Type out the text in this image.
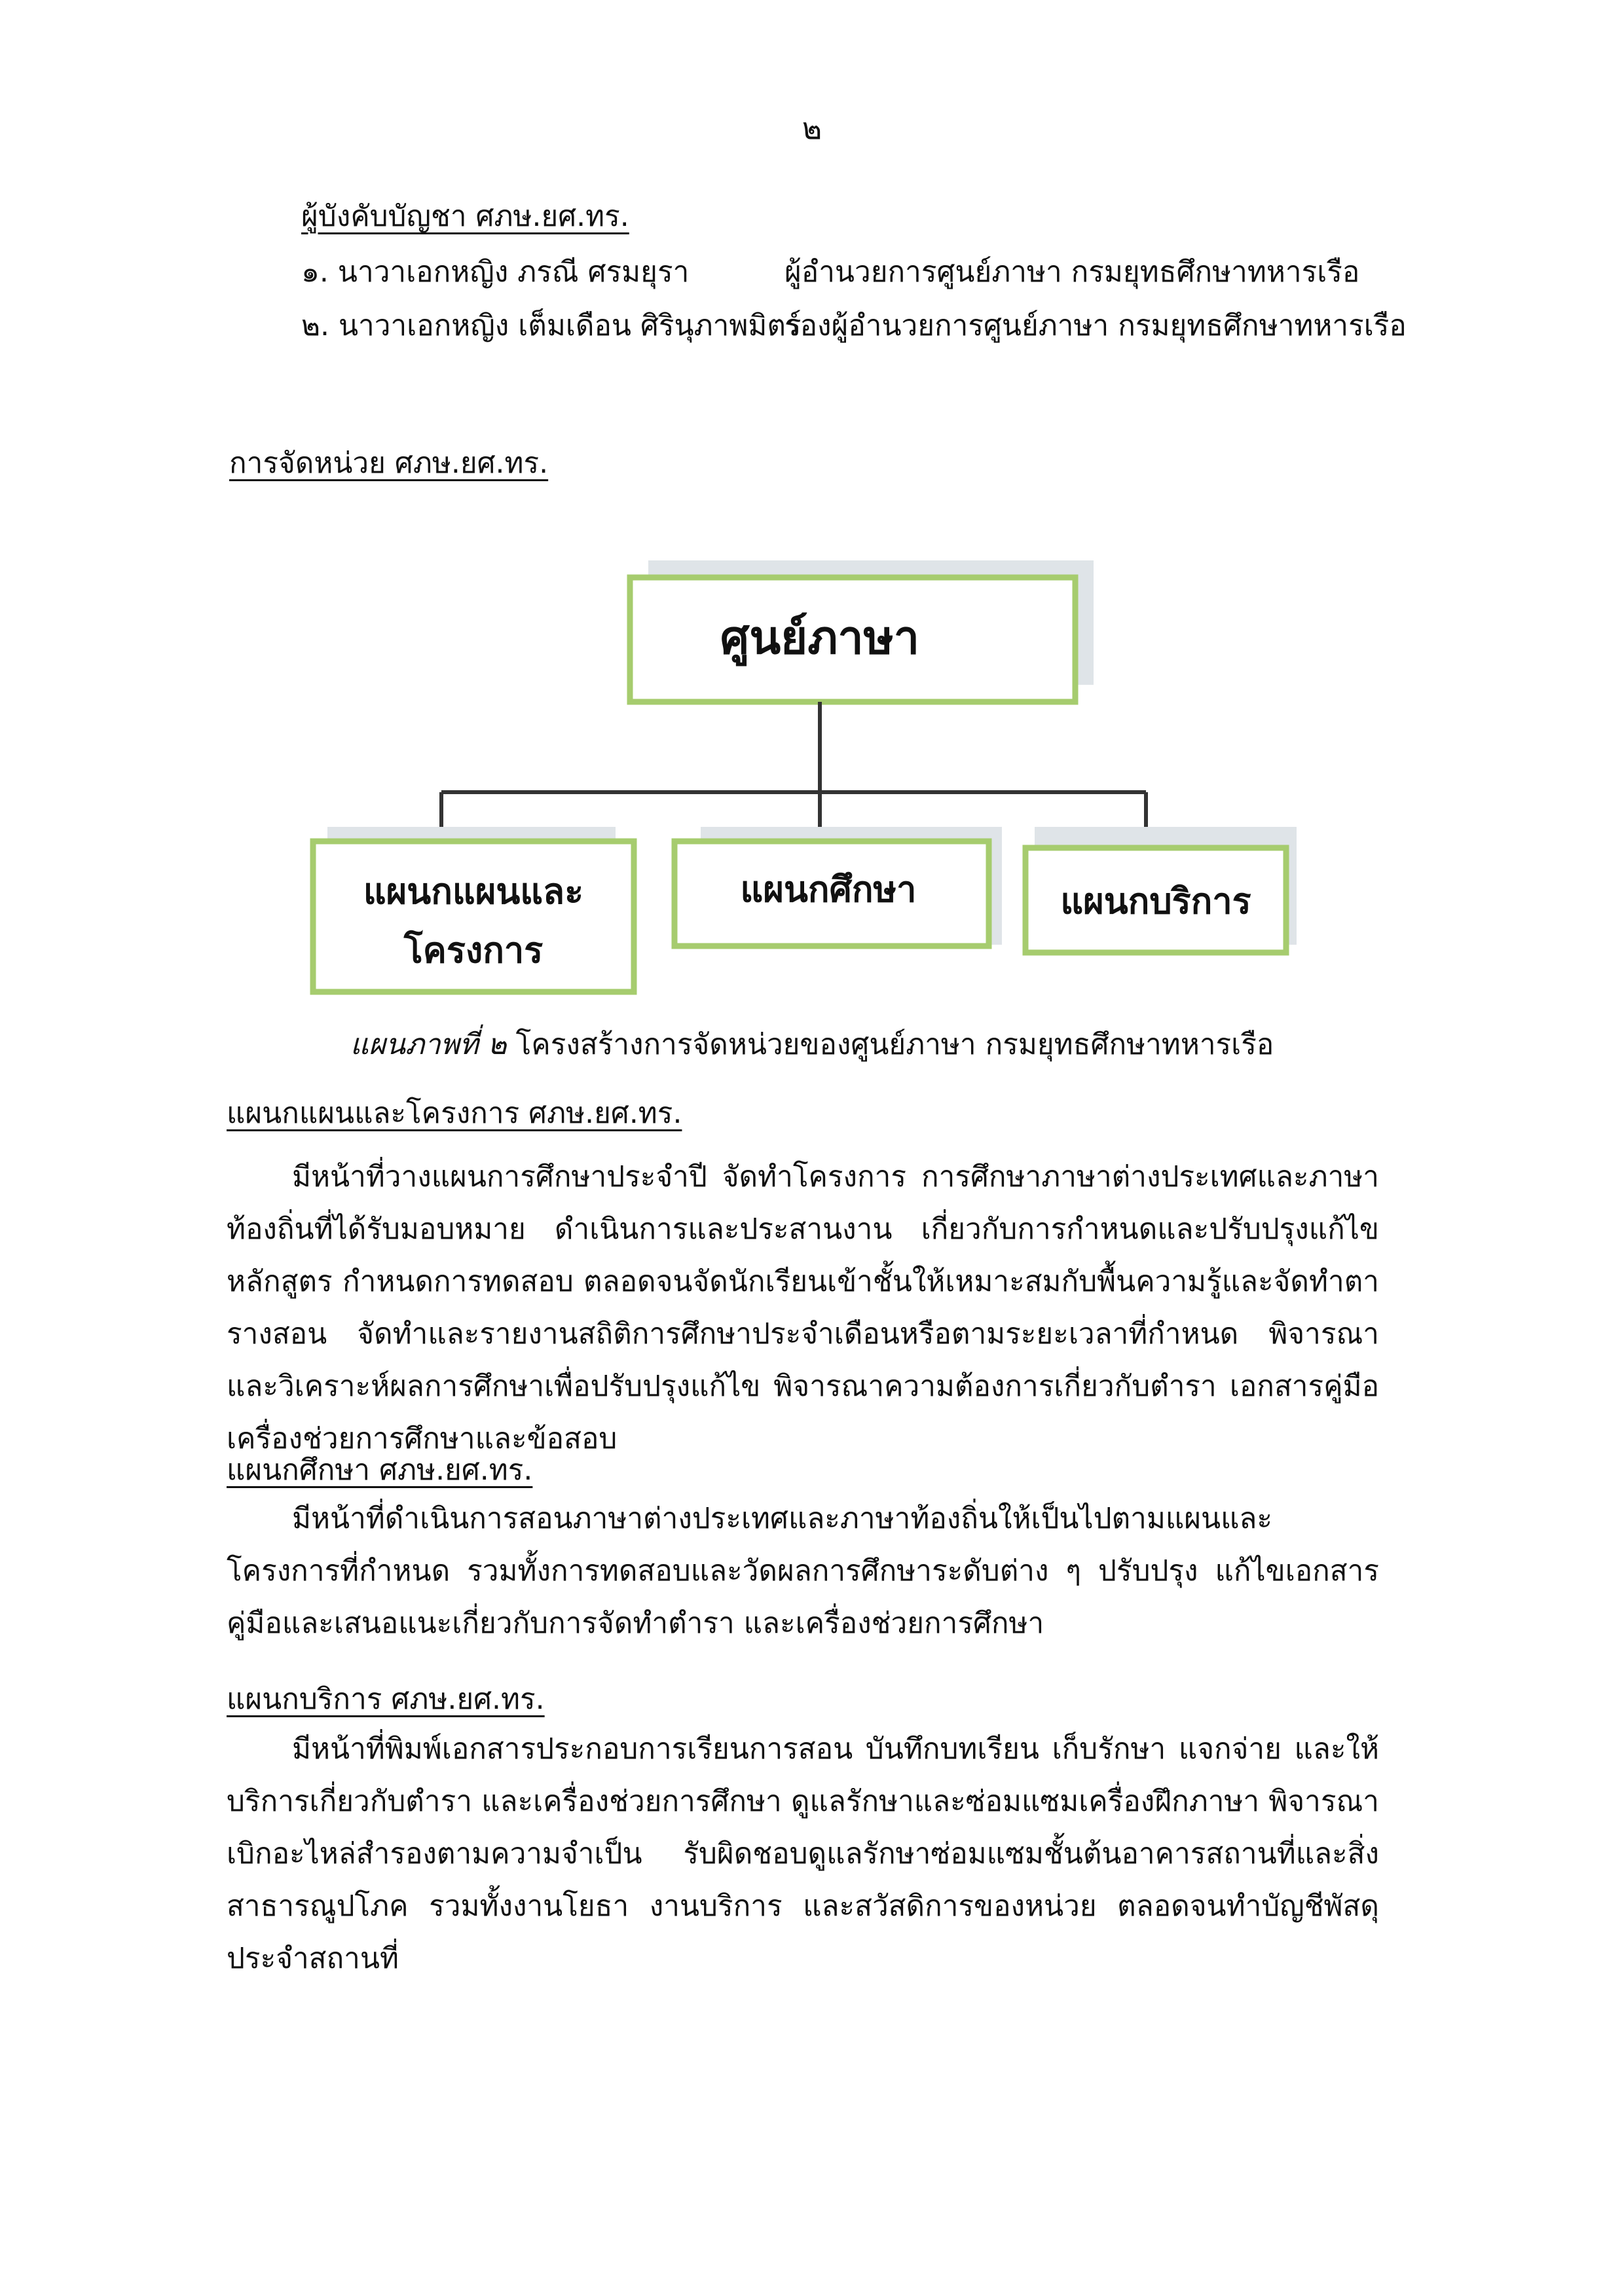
๒
ผู้บังคับบัญชา ศภษ.ยศ.ทร.
๑. นาวาเอกหญิง ภรณี ศรมยุรา	ผู้อำนวยการศูนย์ภาษา กรมยุทธศึกษาทหารเรือ
๒. นาวาเอกหญิง เต็มเดือน ศิรินุภาพมิตร์
รองผู้อำนวยการศูนย์ภาษา กรมยุทธศึกษาทหารเรือ
การจัดหน่วย ศภษ.ยศ.ทร.
ศูนย์ภาษา
แผนกแผนและ
โครงการ
แผนกศึกษา	แผนกบริการ
แผนภาพที่ ๒ โครงสร้างการจัดหน่วยของศูนย์ภาษา กรมยุทธศึกษาทหารเรือ
แผนกแผนและโครงการ ศภษ.ยศ.ทร.
มีหน้าที่วางแผนการศึกษาประจำปี จัดทำโครงการ การศึกษาภาษาต่างประเทศและภาษาท้องถิ่นที่ได้รับมอบหมาย ดำเนินการและประสานงาน เกี่ยวกับการกำหนดและปรับปรุงแก้ไขหลักสูตร กำหนดการทดสอบ ตลอดจนจัดนักเรียนเข้าชั้นให้เหมาะสมกับพื้นความรู้และจัดทำตารางสอน จัดทำและรายงานสถิติการศึกษาประจำเดือนหรือตามระยะเวลาที่กำหนด พิจารณาและวิเคราะห์ผลการศึกษาเพื่อปรับปรุงแก้ไข พิจารณาความต้องการเกี่ยวกับตำรา เอกสารคู่มือ เครื่องช่วยการศึกษาและข้อสอบ
แผนกศึกษา ศภษ.ยศ.ทร.
มีหน้าที่ดำเนินการสอนภาษาต่างประเทศและภาษาท้องถิ่นให้เป็นไปตามแผนและโครงการที่กำหนด รวมทั้งการทดสอบและวัดผลการศึกษาระดับต่าง ๆ ปรับปรุง แก้ไขเอกสารคู่มือและเสนอแนะเกี่ยวกับการจัดทำตำรา และเครื่องช่วยการศึกษา
แผนกบริการ ศภษ.ยศ.ทร.
มีหน้าที่พิมพ์เอกสารประกอบการเรียนการสอน บันทึกบทเรียน เก็บรักษา แจกจ่าย และให้บริการเกี่ยวกับตำรา และเครื่องช่วยการศึกษา ดูแลรักษาและซ่อมแซมเครื่องฝึกภาษา พิจารณาเบิกอะไหล่สำรองตามความจำเป็น รับผิดชอบดูแลรักษาซ่อมแซมชั้นต้นอาคารสถานที่และสิ่งสาธารณูปโภค รวมทั้งงานโยธา งานบริการ และสวัสดิการของหน่วย ตลอดจนทำบัญชีพัสดุประจำสถานที่
